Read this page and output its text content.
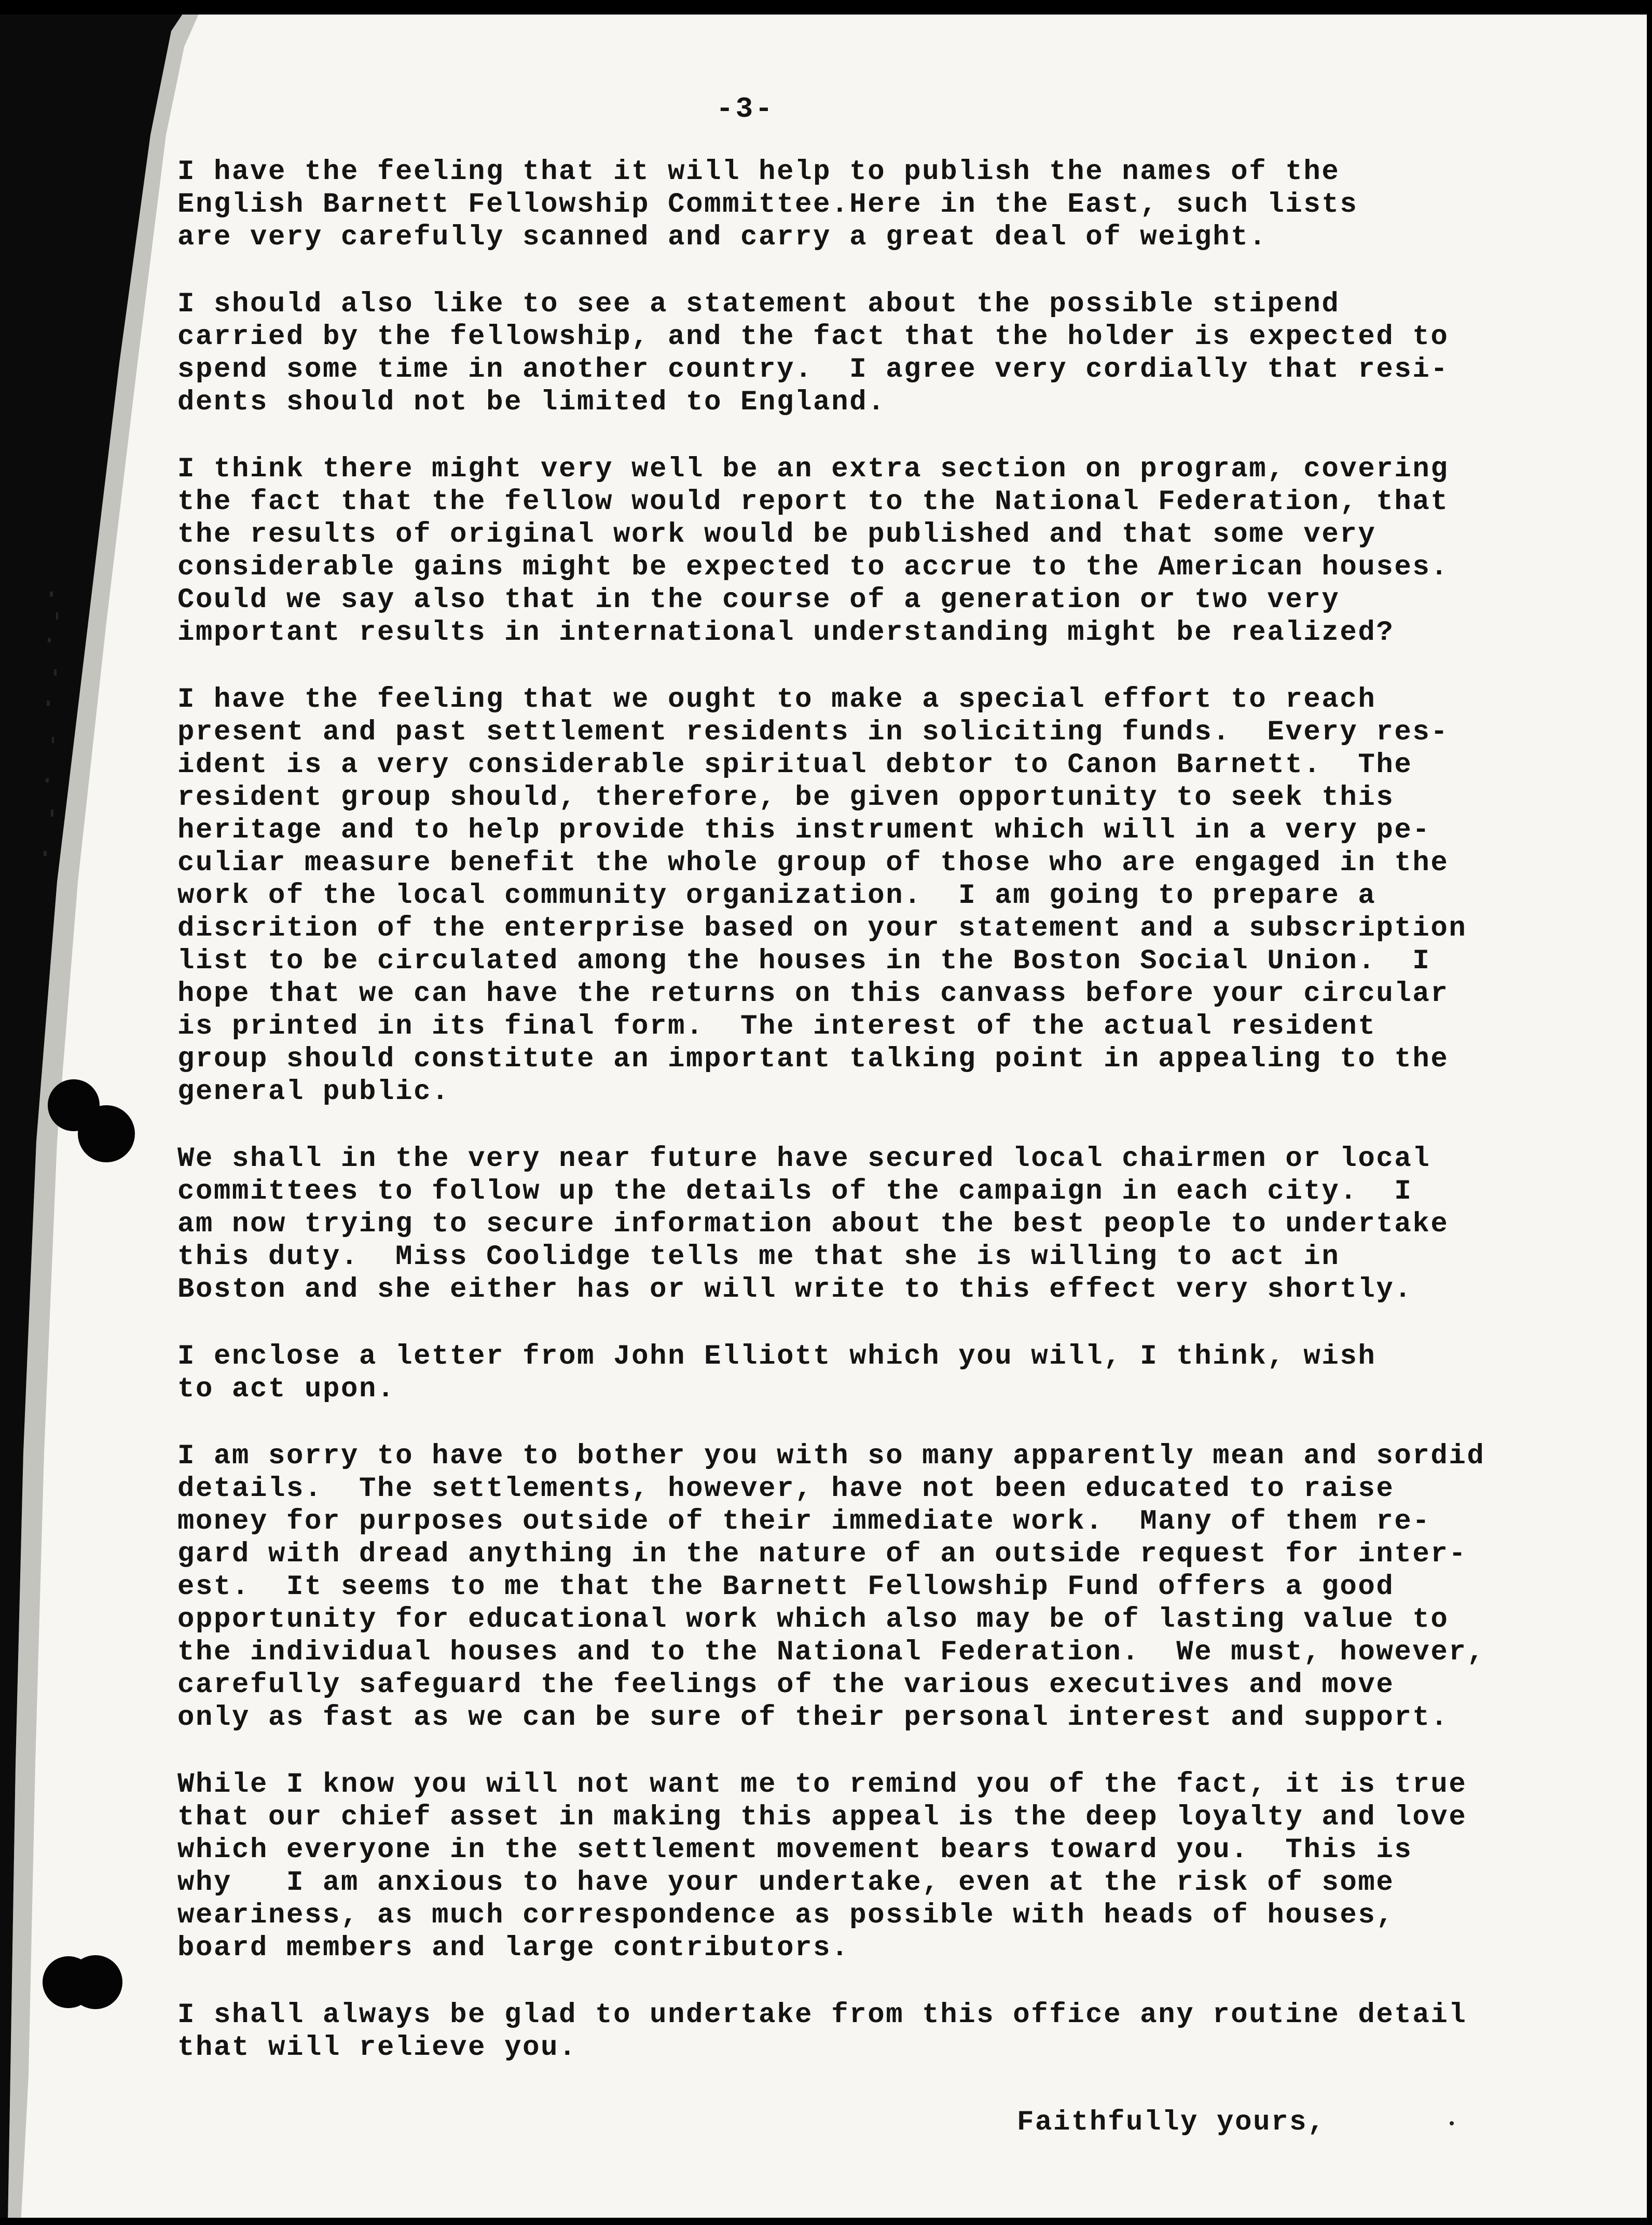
-3-
I have the feeling that it will help to publish the names of the
English Barnett Fellowship Committee.Here in the East, such lists
are very carefully scanned and carry a great deal of weight.
I should also like to see a statement about the possible stipend
carried by the fellowship, and the fact that the holder is expected to
spend some time in another country.  I agree very cordially that resi-
dents should not be limited to England.
I think there might very well be an extra section on program, covering
the fact that the fellow would report to the National Federation, that
the results of original work would be published and that some very
considerable gains might be expected to accrue to the American houses.
Could we say also that in the course of a generation or two very
important results in international understanding might be realized?
I have the feeling that we ought to make a special effort to reach
present and past settlement residents in soliciting funds.  Every res-
ident is a very considerable spiritual debtor to Canon Barnett.  The
resident group should, therefore, be given opportunity to seek this
heritage and to help provide this instrument which will in a very pe-
culiar measure benefit the whole group of those who are engaged in the
work of the local community organization.  I am going to prepare a
discrition of the enterprise based on your statement and a subscription
list to be circulated among the houses in the Boston Social Union.  I
hope that we can have the returns on this canvass before your circular
is printed in its final form.  The interest of the actual resident
group should constitute an important talking point in appealing to the
general public.
We shall in the very near future have secured local chairmen or local
committees to follow up the details of the campaign in each city.  I
am now trying to secure information about the best people to undertake
this duty.  Miss Coolidge tells me that she is willing to act in
Boston and she either has or will write to this effect very shortly.
I enclose a letter from John Elliott which you will, I think, wish
to act upon.
I am sorry to have to bother you with so many apparently mean and sordid
details.  The settlements, however, have not been educated to raise
money for purposes outside of their immediate work.  Many of them re-
gard with dread anything in the nature of an outside request for inter-
est.  It seems to me that the Barnett Fellowship Fund offers a good
opportunity for educational work which also may be of lasting value to
the individual houses and to the National Federation.  We must, however,
carefully safeguard the feelings of the various executives and move
only as fast as we can be sure of their personal interest and support.
While I know you will not want me to remind you of the fact, it is true
that our chief asset in making this appeal is the deep loyalty and love
which everyone in the settlement movement bears toward you.  This is
why   I am anxious to have your undertake, even at the risk of some
weariness, as much correspondence as possible with heads of houses,
board members and large contributors.
I shall always be glad to undertake from this office any routine detail
that will relieve you.
Faithfully yours,
